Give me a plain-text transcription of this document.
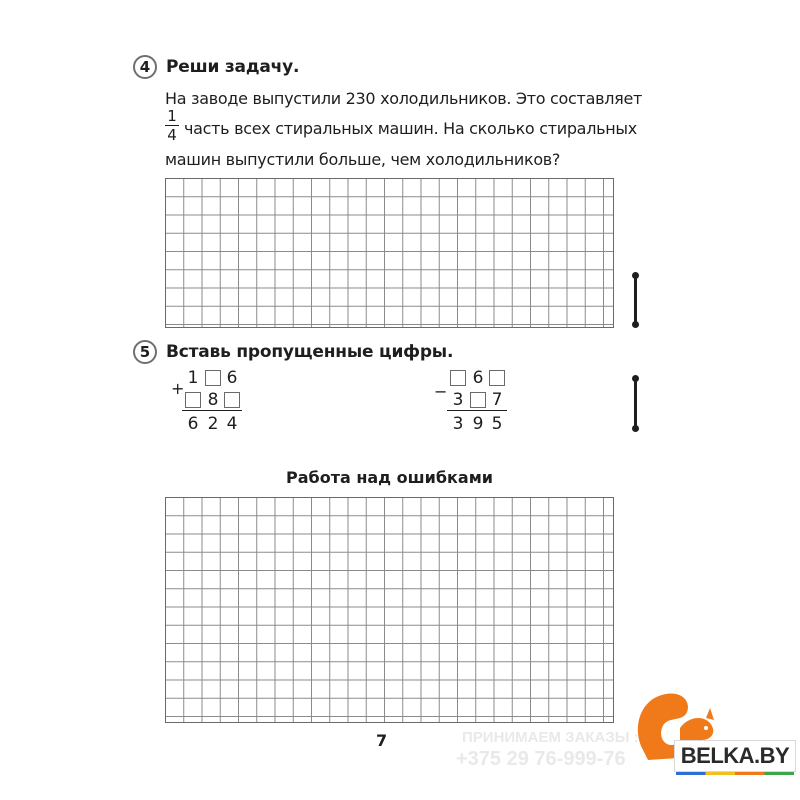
4 Реши задачу.
На заводе выпустили 230 холодильников. Это составляет
1
4 часть всех стиральных машин. На сколько стиральных
машин выпустили больше, чем холодильников?
5 Вставь пропущенные цифры.
+
1 6
8
6 2 4
−
6
3 7
3 9 5
Работа над ошибками
7	ПРИНИМАЕМ ЗАКАЗЫ :
+375 29 76-999-76	BELKA.BY
